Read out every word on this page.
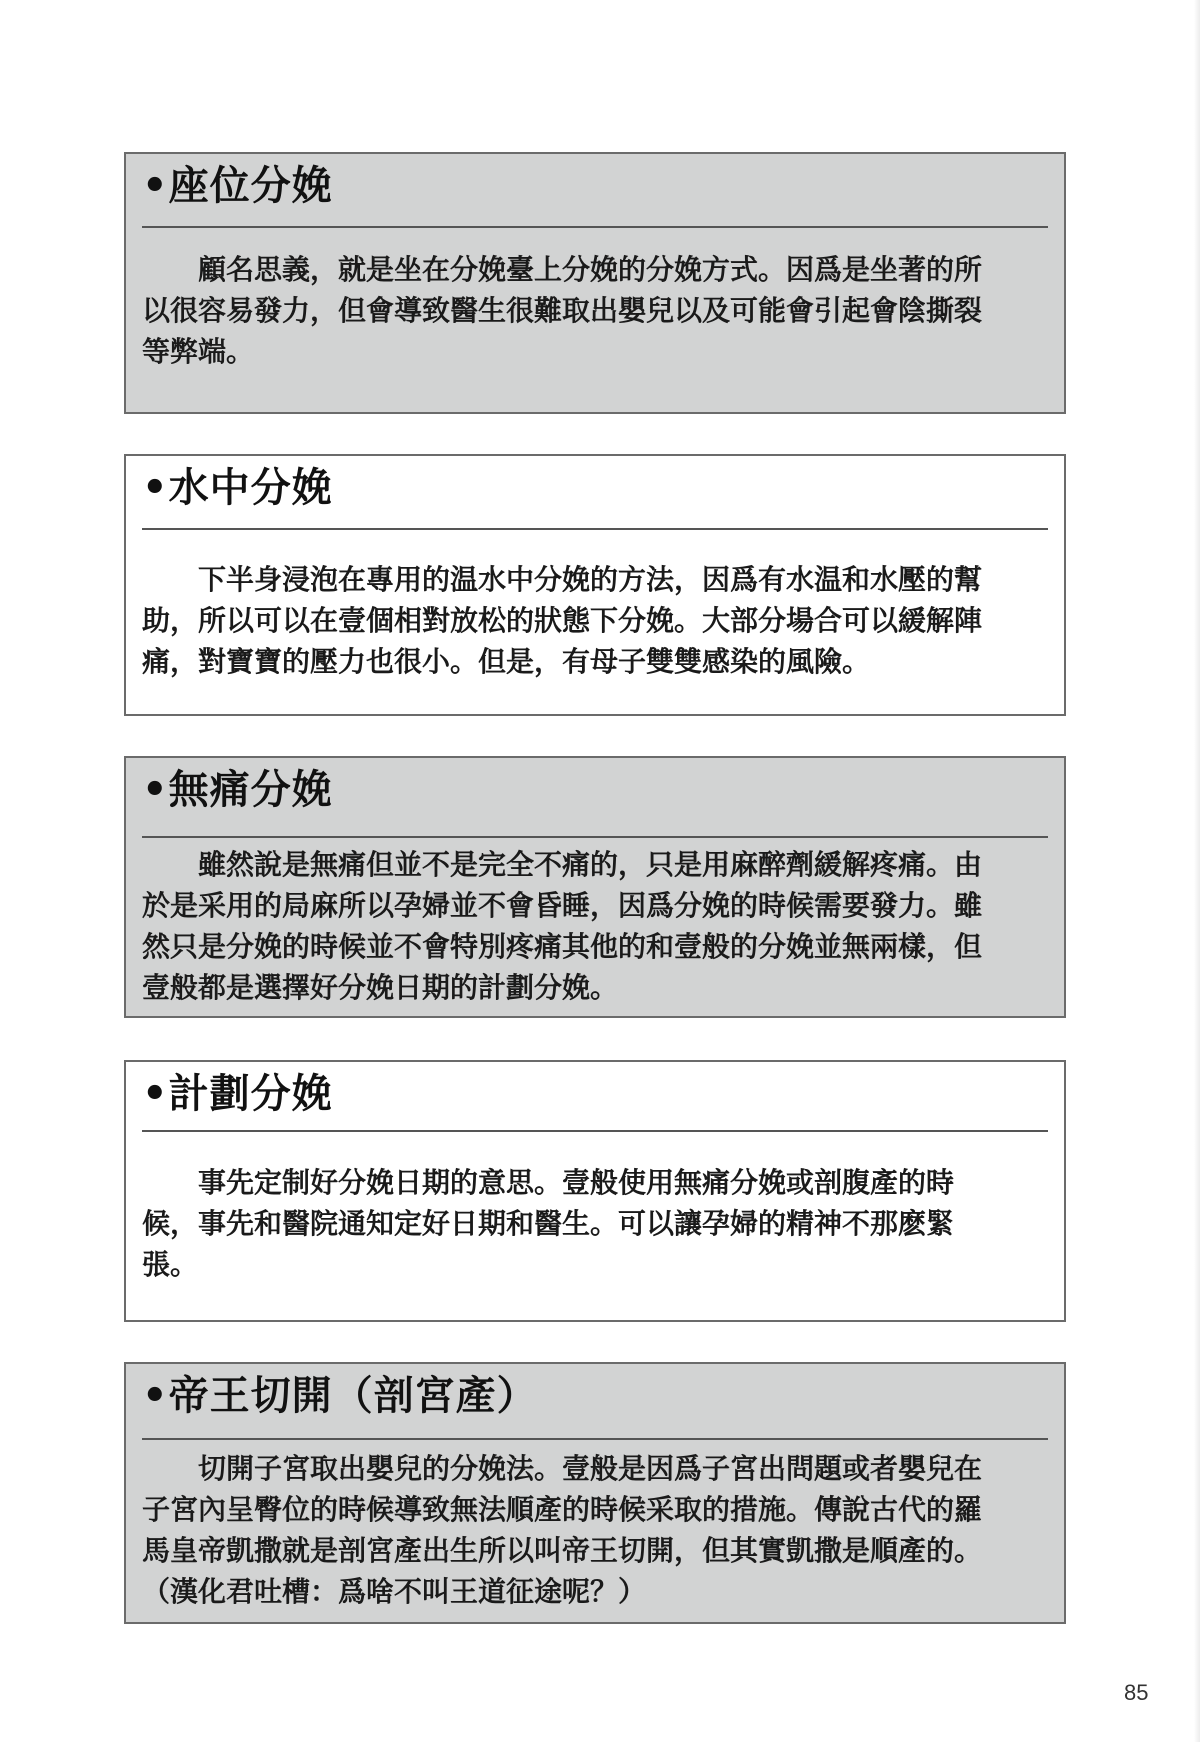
•座位分娩

顧名思義，就是坐在分娩臺上分娩的分娩方式。因爲是坐著的所以很容易發力，但會導致醫生很難取出嬰兒以及可能會引起會陰撕裂等弊端。

•水中分娩

下半身浸泡在專用的温水中分娩的方法，因爲有水温和水壓的幫助，所以可以在壹個相對放松的狀態下分娩。大部分場合可以緩解陣痛，對寶寶的壓力也很小。但是，有母子雙雙感染的風險。

•無痛分娩

雖然說是無痛但並不是完全不痛的，只是用麻醉劑緩解疼痛。由於是采用的局麻所以孕婦並不會昏睡，因爲分娩的時候需要發力。雖然只是分娩的時候並不會特別疼痛其他的和壹般的分娩並無兩樣，但壹般都是選擇好分娩日期的計劃分娩。

•計劃分娩

事先定制好分娩日期的意思。壹般使用無痛分娩或剖腹產的時候，事先和醫院通知定好日期和醫生。可以讓孕婦的精神不那麽緊張。

•帝王切開（剖宮產）

切開子宮取出嬰兒的分娩法。壹般是因爲子宮出問題或者嬰兒在子宮內呈臀位的時候導致無法順產的時候采取的措施。傳說古代的羅馬皇帝凱撒就是剖宮產出生所以叫帝王切開，但其實凱撒是順產的。（漢化君吐槽：爲啥不叫王道征途呢？）

85
